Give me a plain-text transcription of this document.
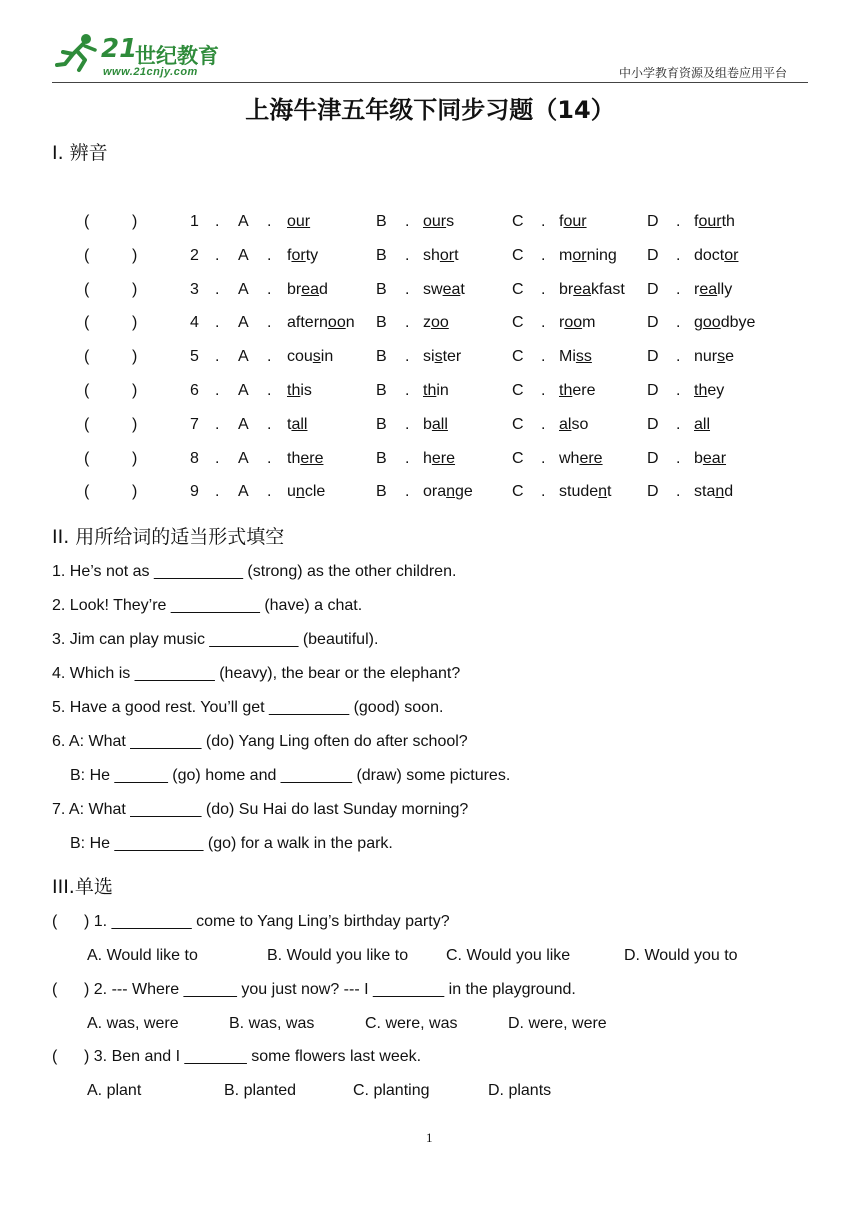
21
世纪教育
www.21cnjy.com	中小学教育资源及组卷应用平台
上海牛津五年级下同步习题（14）
I. 辨音
(	)	1 . A . our	B . ours	C . four	D . fourth
(	)	2 . A . forty	B . short	C . morning D . doctor
(	)	3 . A . bread	B . sweat	C . breakfast D . really
(	)	4 . A . afternoon B . zoo	C . room	D . goodbye
(	)	5 . A . cousin	B . sister	C . Miss	D . nurse
(	)	6 . A . this	B . thin	C . there	D . they
(	)	7 . A . tall	B . ball	C . also	D . all
(	)	8 . A . there	B . here	C . where	D . bear
(	)	9 . A . uncle	B . orange C . student D . stand
II. 用所给词的适当形式填空
1. He’s not as __________ (strong) as the other children.
2. Look! They’re __________ (have) a chat.
3. Jim can play music __________ (beautiful).
4. Which is _________ (heavy), the bear or the elephant?
5. Have a good rest. You’ll get _________ (good) soon.
6. A: What ________ (do) Yang Ling often do after school?
B: He ______ (go) home and ________ (draw) some pictures.
7. A: What ________ (do) Su Hai do last Sunday morning?
B: He __________ (go) for a walk in the park.
III.单选
( ) 1. _________ come to Yang Ling’s birthday party?
A. Would like to	B. Would you like to C. Would you like	D. Would you to
( ) 2. --- Where ______ you just now? --- I ________ in the playground.
A. was, were	B. was, was	C. were, was	D. were, were
( ) 3. Ben and I _______ some flowers last week.
A. plant	B. planted	C. planting	D. plants
1
